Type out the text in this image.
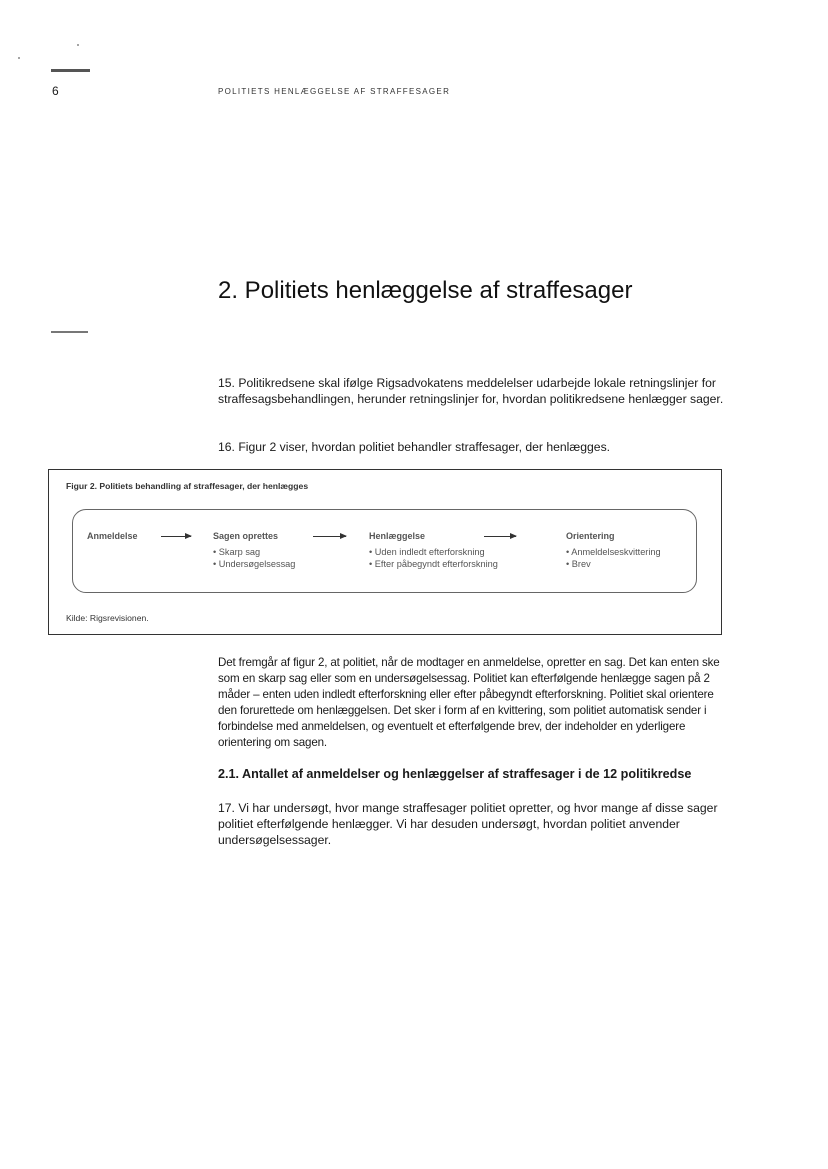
6	POLITIETS HENLÆGGELSE AF STRAFFESAGER
2. Politiets henlæggelse af straffesager
15. Politikredsene skal ifølge Rigsadvokatens meddelelser udarbejde lokale retningslinjer for straffesagsbehandlingen, herunder retningslinjer for, hvordan politikredsene henlægger sager.
16. Figur 2 viser, hvordan politiet behandler straffesager, der henlægges.
Figur 2. Politiets behandling af straffesager, der henlægges
Anmeldelse	Sagen oprettes
• Skarp sag
• Undersøgelsessag
Henlæggelse
• Uden indledt efterforskning
• Efter påbegyndt efterforskning
Orientering
• Anmeldelseskvittering
• Brev
Kilde: Rigsrevisionen.
Det fremgår af figur 2, at politiet, når de modtager en anmeldelse, opretter en sag. Det kan enten ske som en skarp sag eller som en undersøgelsessag. Politiet kan efterfølgende henlægge sagen på 2 måder – enten uden indledt efterforskning eller efter påbegyndt efterforskning. Politiet skal orientere den forurettede om henlæggelsen. Det sker i form af en kvittering, som politiet automatisk sender i forbindelse med anmeldelsen, og eventuelt et efterfølgende brev, der indeholder en yderligere orientering om sagen.
2.1. Antallet af anmeldelser og henlæggelser af straffesager i de 12 politikredse
17. Vi har undersøgt, hvor mange straffesager politiet opretter, og hvor mange af disse sager politiet efterfølgende henlægger. Vi har desuden undersøgt, hvordan politiet anvender undersøgelsessager.
